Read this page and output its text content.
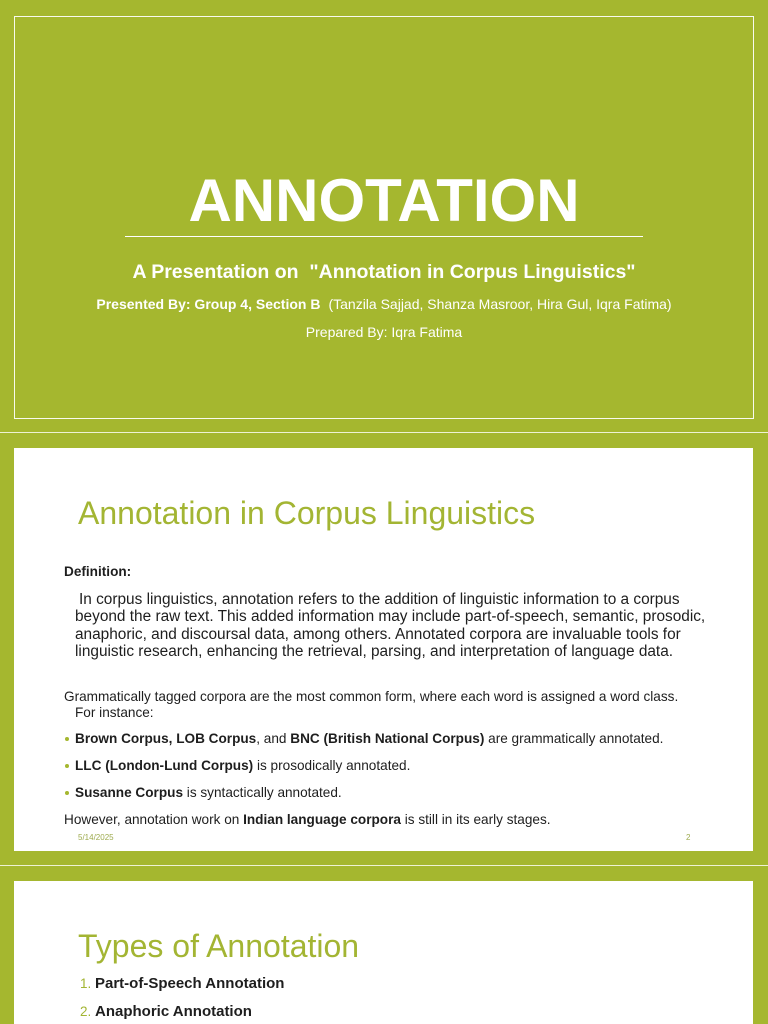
ANNOTATION
A Presentation on  "Annotation in Corpus Linguistics"
Presented By: Group 4, Section B (Tanzila Sajjad, Shanza Masroor, Hira Gul, Iqra Fatima)
Prepared By: Iqra Fatima
Annotation in Corpus Linguistics
Definition:
In corpus linguistics, annotation refers to the addition of linguistic information to a corpus beyond the raw text. This added information may include part-of-speech, semantic, prosodic, anaphoric, and discoursal data, among others. Annotated corpora are invaluable tools for linguistic research, enhancing the retrieval, parsing, and interpretation of language data.
Grammatically tagged corpora are the most common form, where each word is assigned a word class.
For instance:
Brown Corpus, LOB Corpus, and BNC (British National Corpus) are grammatically annotated.
LLC (London-Lund Corpus) is prosodically annotated.
Susanne Corpus is syntactically annotated.
However, annotation work on Indian language corpora is still in its early stages.
5/14/2025	2
Types of Annotation
1. Part-of-Speech Annotation
2. Anaphoric Annotation
